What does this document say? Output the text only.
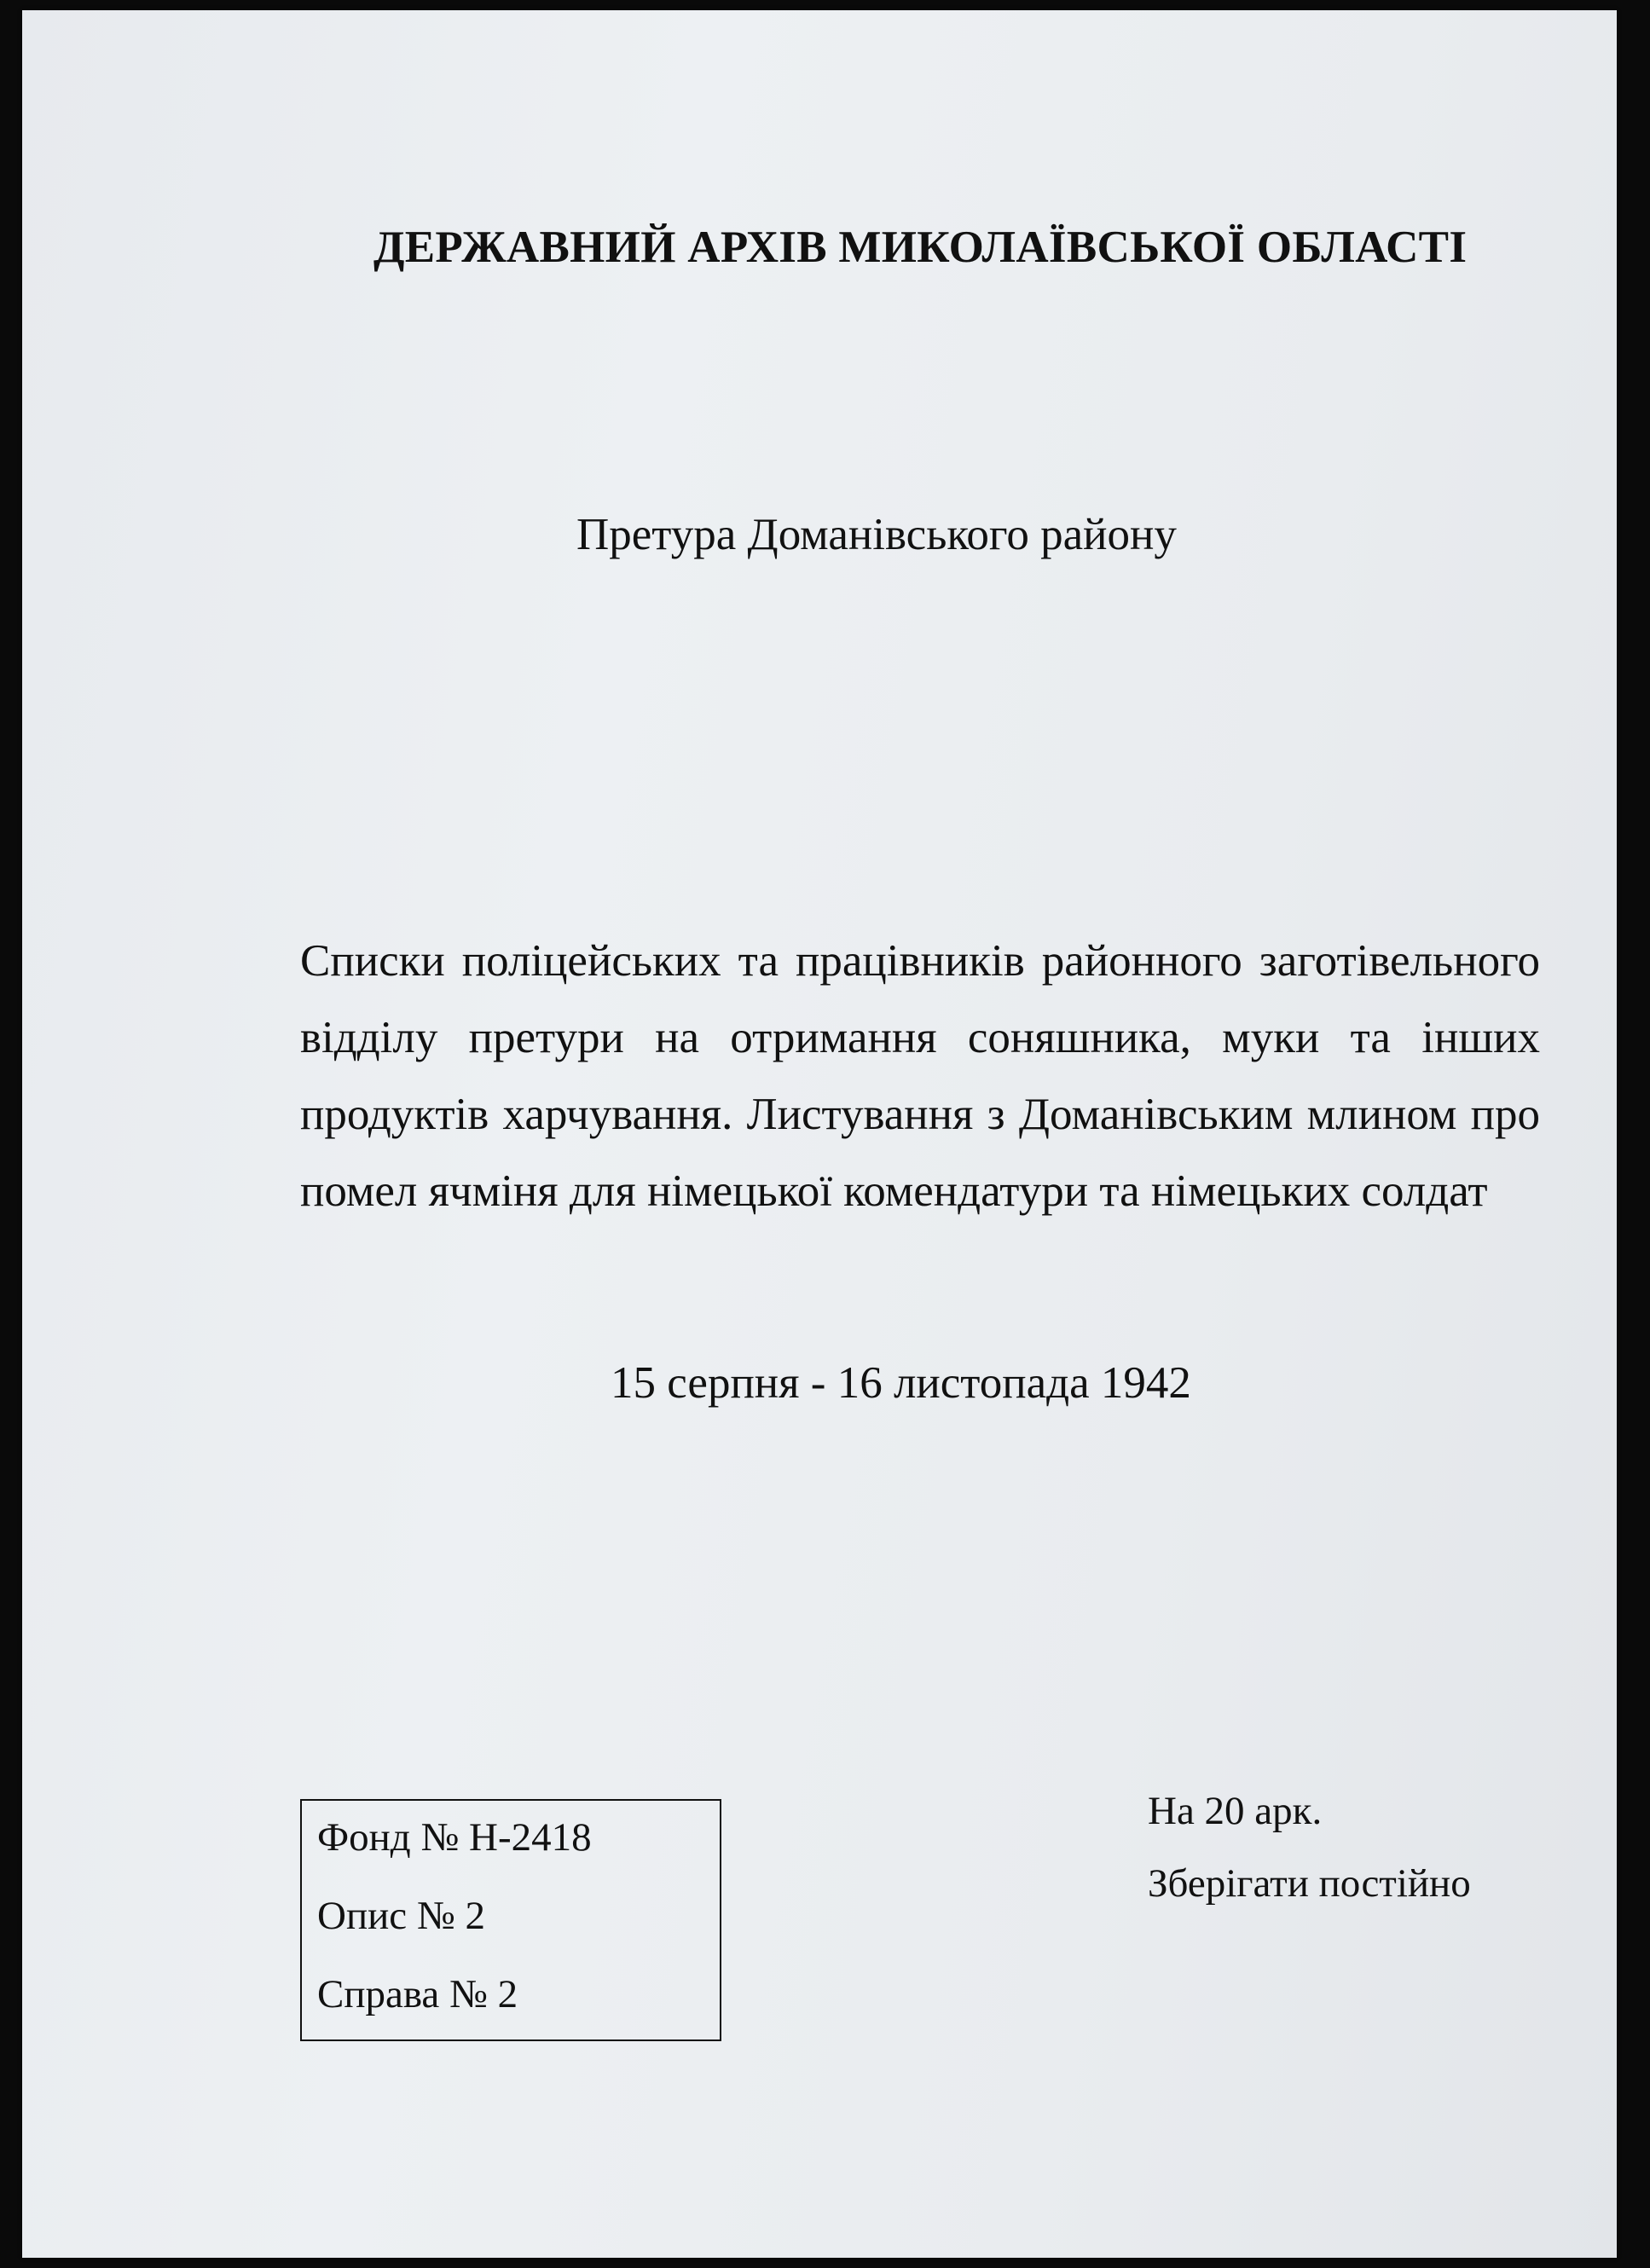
ДЕРЖАВНИЙ АРХІВ МИКОЛАЇВСЬКОЇ ОБЛАСТІ
Претура Доманівського району
Списки поліцейських та працівників районного заготівельного відділу претури на отримання соняшника, муки та інших продуктів харчування. Листування з Доманівським млином про помел ячміня для німецької комендатури та німецьких солдат
15 серпня - 16 листопада 1942
Фонд № Н-2418
Опис № 2
Справа № 2
На 20 арк.
Зберігати постійно
